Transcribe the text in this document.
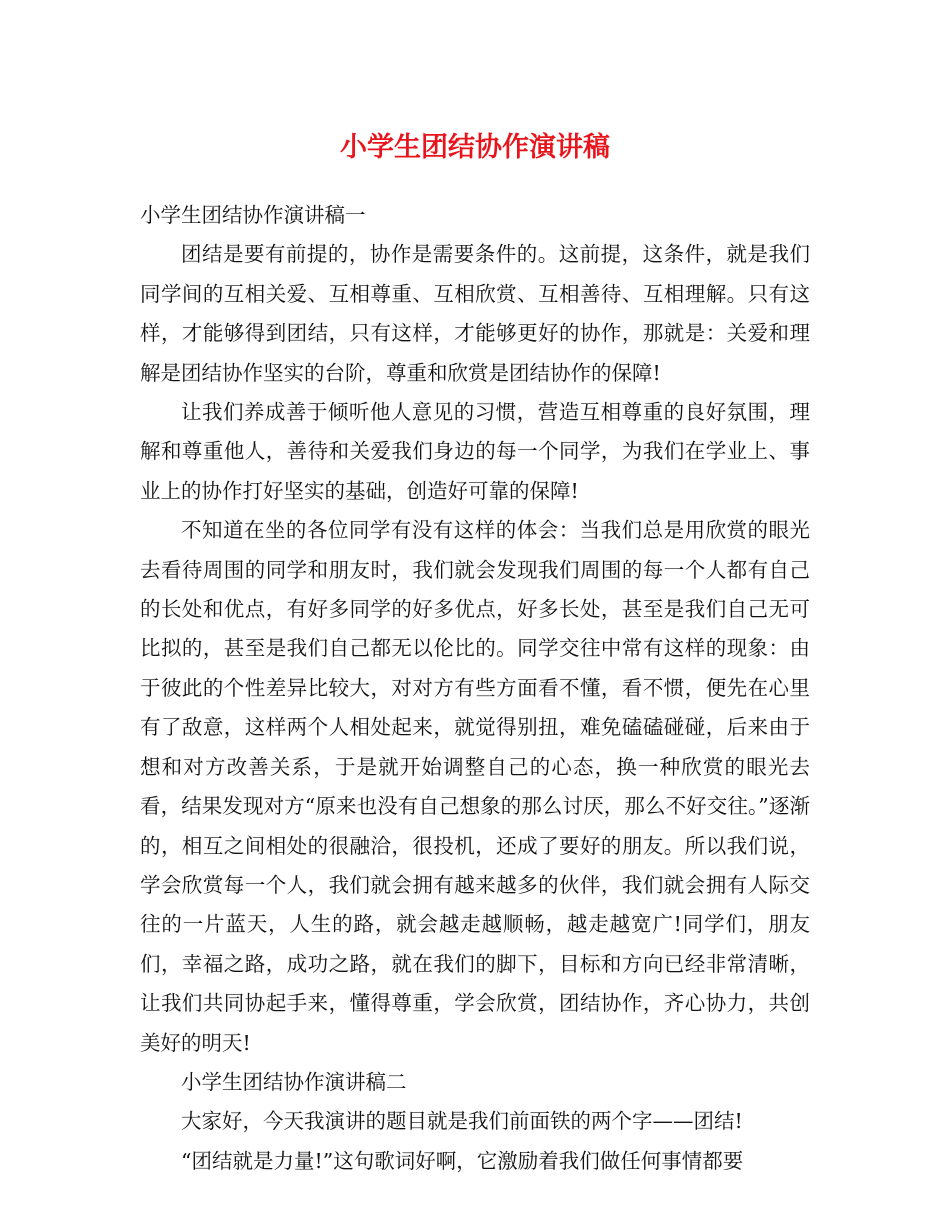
小学生团结协作演讲稿

小学生团结协作演讲稿一

团结是要有前提的，协作是需要条件的。这前提，这条件，就是我们同学间的互相关爱、互相尊重、互相欣赏、互相善待、互相理解。只有这样，才能够得到团结，只有这样，才能够更好的协作，那就是：关爱和理解是团结协作坚实的台阶，尊重和欣赏是团结协作的保障!

让我们养成善于倾听他人意见的习惯，营造互相尊重的良好氛围，理解和尊重他人，善待和关爱我们身边的每一个同学，为我们在学业上、事业上的协作打好坚实的基础，创造好可靠的保障!

不知道在坐的各位同学有没有这样的体会：当我们总是用欣赏的眼光去看待周围的同学和朋友时，我们就会发现我们周围的每一个人都有自己的长处和优点，有好多同学的好多优点，好多长处，甚至是我们自己无可比拟的，甚至是我们自己都无以伦比的。同学交往中常有这样的现象：由于彼此的个性差异比较大，对对方有些方面看不懂，看不惯，便先在心里有了敌意，这样两个人相处起来，就觉得别扭，难免磕磕碰碰，后来由于想和对方改善关系，于是就开始调整自己的心态，换一种欣赏的眼光去看，结果发现对方“原来也没有自己想象的那么讨厌，那么不好交往。”逐渐的，相互之间相处的很融洽，很投机，还成了要好的朋友。所以我们说，学会欣赏每一个人，我们就会拥有越来越多的伙伴，我们就会拥有人际交往的一片蓝天，人生的路，就会越走越顺畅，越走越宽广!同学们，朋友们，幸福之路，成功之路，就在我们的脚下，目标和方向已经非常清晰，让我们共同协起手来，懂得尊重，学会欣赏，团结协作，齐心协力，共创美好的明天!

小学生团结协作演讲稿二

大家好，今天我演讲的题目就是我们前面铁的两个字——团结!

“团结就是力量!”这句歌词好啊，它激励着我们做任何事情都要
